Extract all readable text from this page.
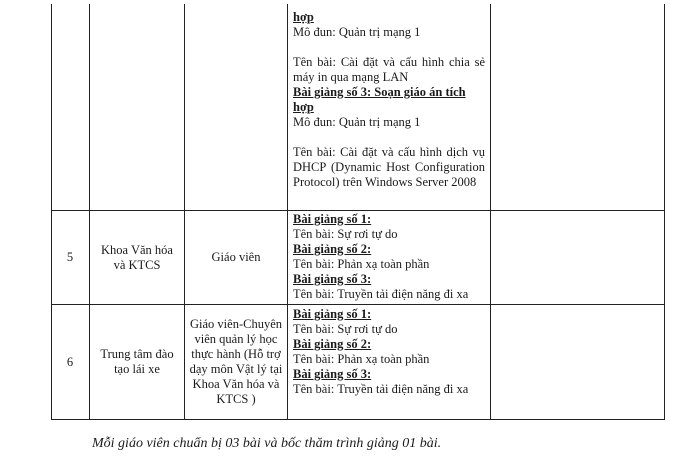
hợp
Mô đun: Quản trị mạng 1
Tên bài: Cài đặt và cấu hình chia sẻ máy in qua mạng LAN
Bài giảng số 3: Soạn giáo án tích hợp
Mô đun: Quản trị mạng 1
Tên bài: Cài đặt và cấu hình dịch vụ DHCP (Dynamic Host Configuration Protocol) trên Windows Server 2008
5
Khoa Văn hóa và KTCS
Giáo viên
Bài giảng số 1:
Tên bài: Sự rơi tự do
Bài giảng số 2:
Tên bài: Phản xạ toàn phần
Bài giảng số 3:
Tên bài: Truyền tải điện năng đi xa
6
Trung tâm đào tạo lái xe
Giáo viên-Chuyên viên quản lý học thực hành (Hỗ trợ dạy môn Vật lý tại Khoa Văn hóa và KTCS )
Bài giảng số 1:
Tên bài: Sự rơi tự do
Bài giảng số 2:
Tên bài: Phản xạ toàn phần
Bài giảng số 3:
Tên bài: Truyền tải điện năng đi xa
Mỗi giáo viên chuẩn bị 03 bài và bốc thăm trình giảng 01 bài.
